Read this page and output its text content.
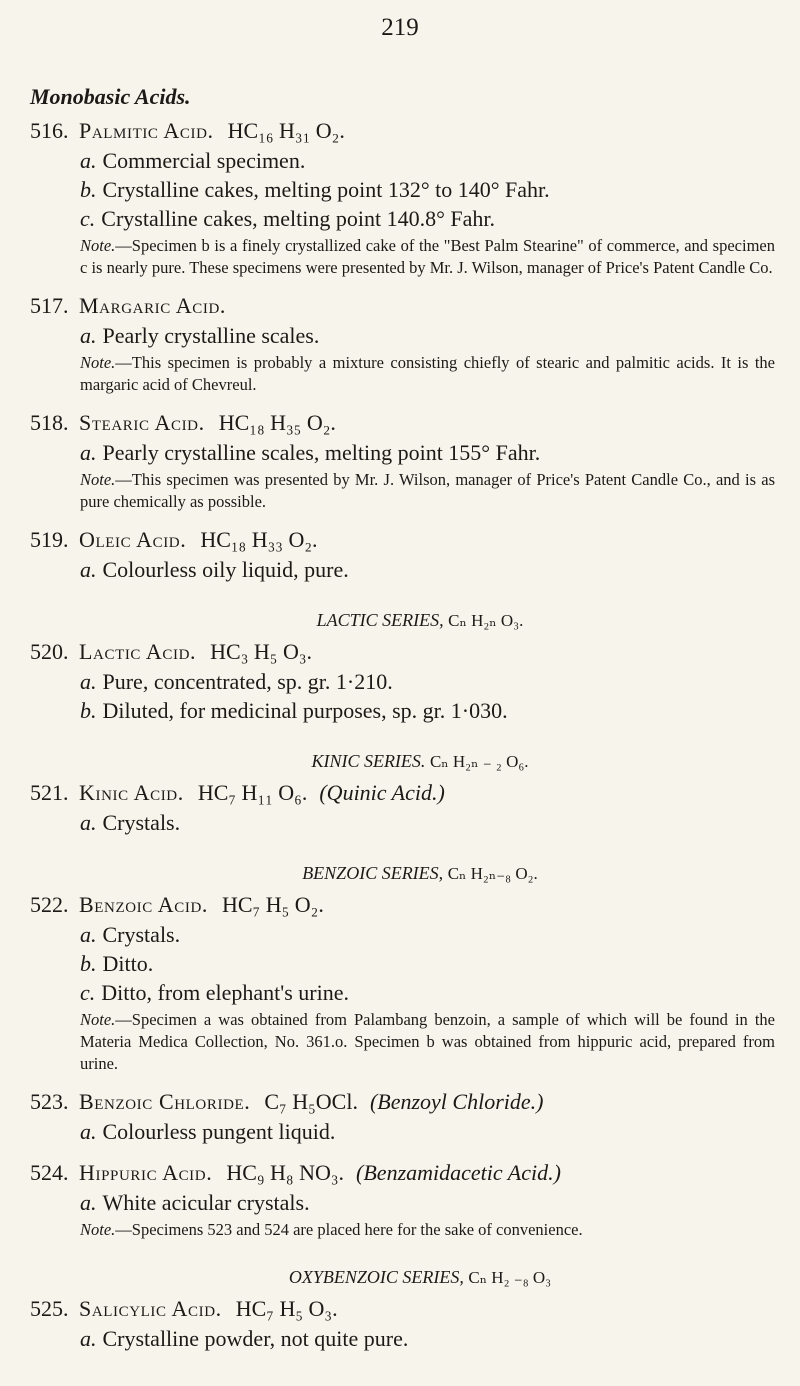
219
Monobasic Acids.
516. Palmitic Acid. HC₁₆ H₃₁ O₂.
a. Commercial specimen.
b. Crystalline cakes, melting point 132° to 140° Fahr.
c. Crystalline cakes, melting point 140.8° Fahr.
Note.—Specimen b is a finely crystallized cake of the "Best Palm Stearine" of commerce, and specimen c is nearly pure. These specimens were presented by Mr. J. Wilson, manager of Price's Patent Candle Co.
517. Margaric Acid.
a. Pearly crystalline scales.
Note.—This specimen is probably a mixture consisting chiefly of stearic and palmitic acids. It is the margaric acid of Chevreul.
518. Stearic Acid. HC₁₈ H₃₅ O₂.
a. Pearly crystalline scales, melting point 155° Fahr.
Note.—This specimen was presented by Mr. J. Wilson, manager of Price's Patent Candle Co., and is as pure chemically as possible.
519. Oleic Acid. HC₁₈ H₃₃ O₂.
a. Colourless oily liquid, pure.
LACTIC SERIES, Cₙ H₂ₙ O₃.
520. Lactic Acid. HC₃ H₅ O₃.
a. Pure, concentrated, sp. gr. 1·210.
b. Diluted, for medicinal purposes, sp. gr. 1·030.
KINIC SERIES. Cₙ H₂ₙ ₋ ₂ O₆.
521. Kinic Acid. HC₇ H₁₁ O₆. (Quinic Acid.)
a. Crystals.
BENZOIC SERIES, Cₙ H₂ₙ₋₈ O₂.
522. Benzoic Acid. HC₇ H₅ O₂.
a. Crystals.
b. Ditto.
c. Ditto, from elephant's urine.
Note.—Specimen a was obtained from Palambang benzoin, a sample of which will be found in the Materia Medica Collection, No. 361.o. Specimen b was obtained from hippuric acid, prepared from urine.
523. Benzoic Chloride. C₇ H₅OCl. (Benzoyl Chloride.)
a. Colourless pungent liquid.
524. Hippuric Acid. HC₉ H₈ NO₃. (Benzamidacetic Acid.)
a. White acicular crystals.
Note.—Specimens 523 and 524 are placed here for the sake of convenience.
OXYBENZOIC SERIES, Cₙ H₂ ₋₈ O₃
525. Salicylic Acid. HC₇ H₅ O₃.
a. Crystalline powder, not quite pure.
